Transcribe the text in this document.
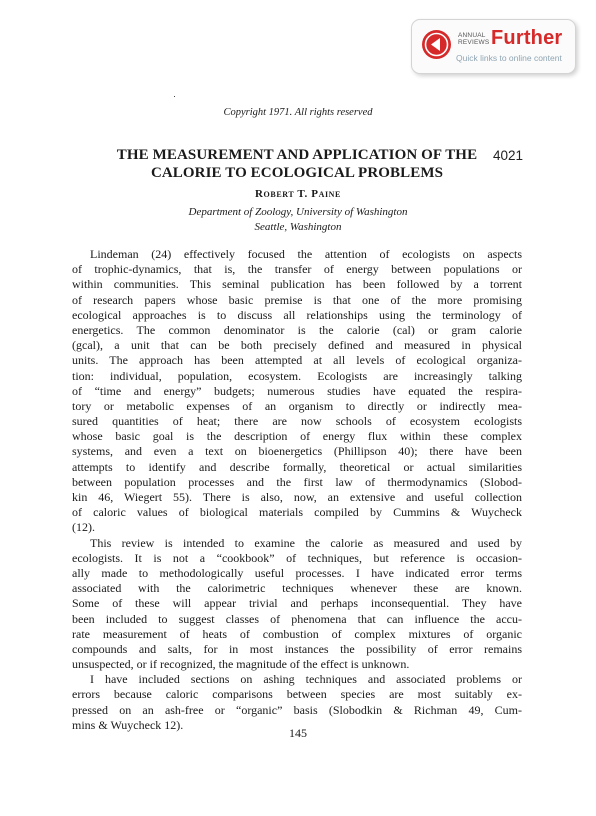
ANNUAL
REVIEWS Further
Quick links to online content
Copyright 1971. All rights reserved
THE MEASUREMENT AND APPLICATION OF THE
CALORIE TO ECOLOGICAL PROBLEMS
4021
Robert T. Paine
Department of Zoology, University of Washington
Seattle, Washington
Lindeman (24) effectively focused the attention of ecologists on aspects
of trophic-dynamics, that is, the transfer of energy between populations or
within communities. This seminal publication has been followed by a torrent
of research papers whose basic premise is that one of the more promising
ecological approaches is to discuss all relationships using the terminology of
energetics. The common denominator is the calorie (cal) or gram calorie
(gcal), a unit that can be both precisely defined and measured in physical
units. The approach has been attempted at all levels of ecological organiza-
tion: individual, population, ecosystem. Ecologists are increasingly talking
of “time and energy” budgets; numerous studies have equated the respira-
tory or metabolic expenses of an organism to directly or indirectly mea-
sured quantities of heat; there are now schools of ecosystem ecologists
whose basic goal is the description of energy flux within these complex
systems, and even a text on bioenergetics (Phillipson 40); there have been
attempts to identify and describe formally, theoretical or actual similarities
between population processes and the first law of thermodynamics (Slobod-
kin 46, Wiegert 55). There is also, now, an extensive and useful collection
of caloric values of biological materials compiled by Cummins & Wuycheck
(12).
This review is intended to examine the calorie as measured and used by
ecologists. It is not a “cookbook” of techniques, but reference is occasion-
ally made to methodologically useful processes. I have indicated error terms
associated with the calorimetric techniques whenever these are known.
Some of these will appear trivial and perhaps inconsequential. They have
been included to suggest classes of phenomena that can influence the accu-
rate measurement of heats of combustion of complex mixtures of organic
compounds and salts, for in most instances the possibility of error remains
unsuspected, or if recognized, the magnitude of the effect is unknown.
I have included sections on ashing techniques and associated problems or
errors because caloric comparisons between species are most suitably ex-
pressed on an ash-free or “organic” basis (Slobodkin & Richman 49, Cum-
mins & Wuycheck 12).
145
